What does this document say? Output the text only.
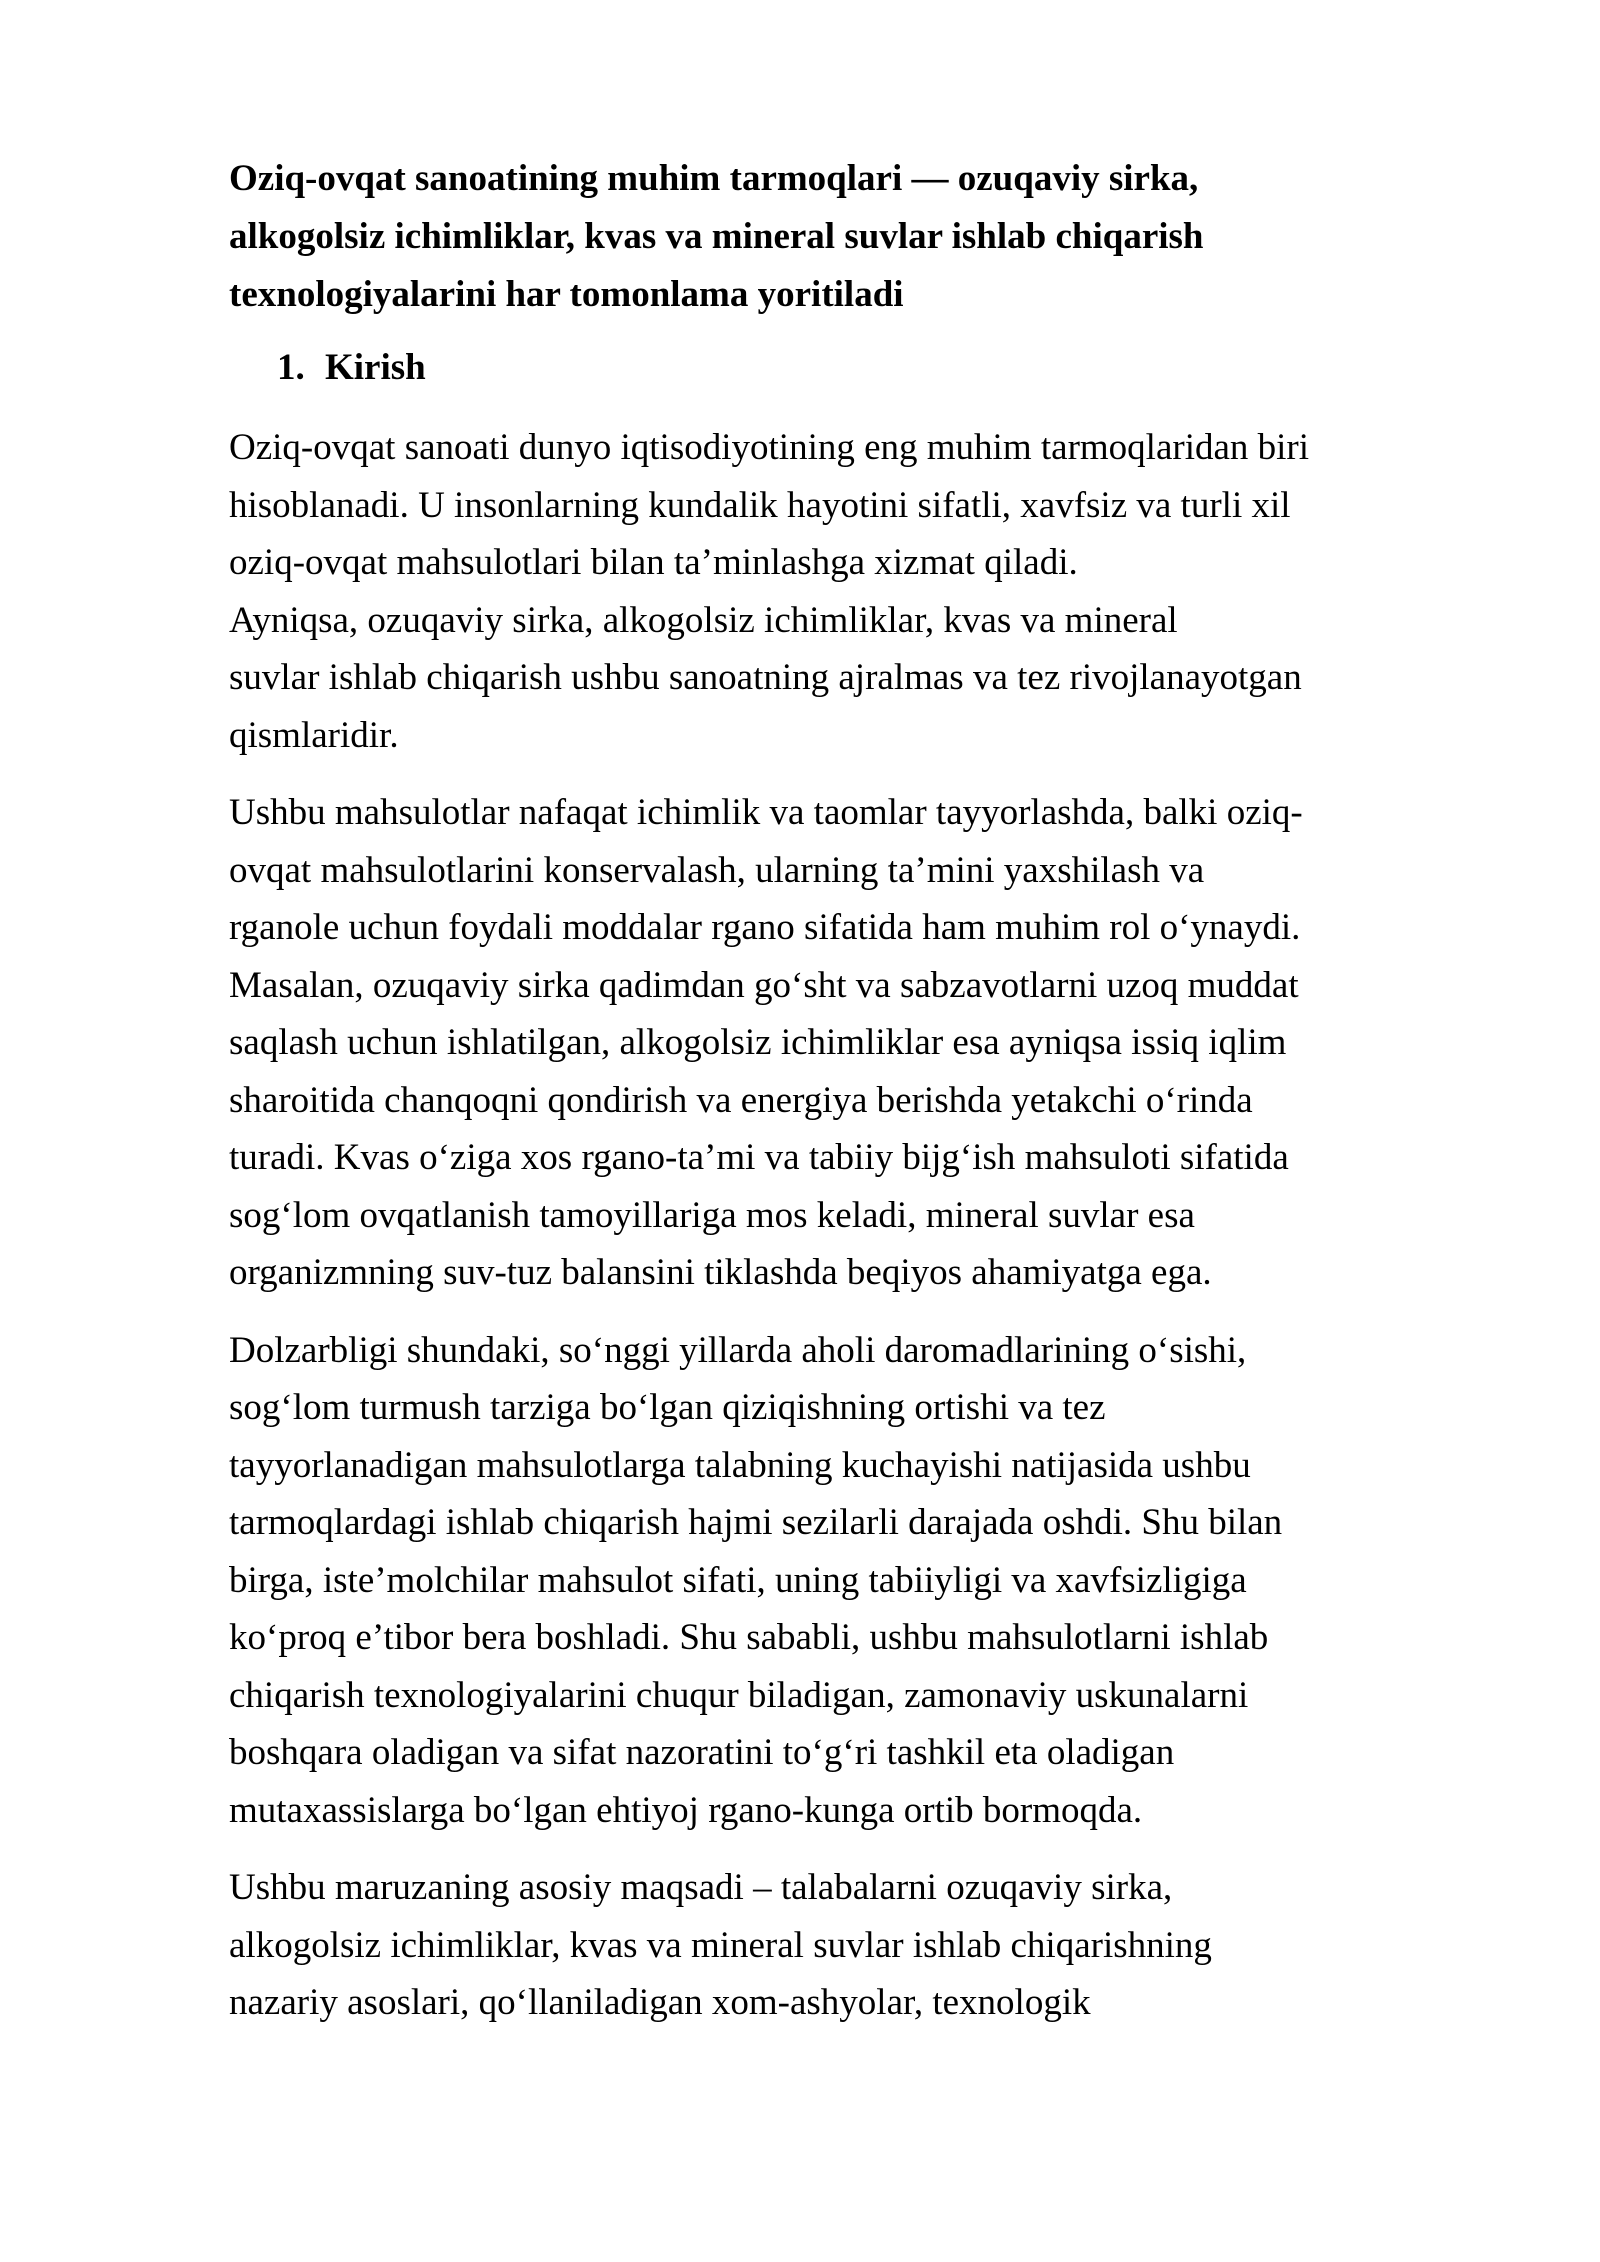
Oziq-ovqat sanoatining muhim tarmoqlari — ozuqaviy sirka,
alkogolsiz ichimliklar, kvas va mineral suvlar ishlab chiqarish
texnologiyalarini har tomonlama yoritiladi
1. Kirish

Oziq-ovqat sanoati dunyo iqtisodiyotining eng muhim tarmoqlaridan biri
hisoblanadi. U insonlarning kundalik hayotini sifatli, xavfsiz va turli xil
oziq-ovqat mahsulotlari bilan ta’minlashga xizmat qiladi.
Ayniqsa, ozuqaviy sirka, alkogolsiz ichimliklar, kvas va mineral
suvlar ishlab chiqarish ushbu sanoatning ajralmas va tez rivojlanayotgan
qismlaridir.

Ushbu mahsulotlar nafaqat ichimlik va taomlar tayyorlashda, balki oziq-
ovqat mahsulotlarini konservalash, ularning ta’mini yaxshilash va
rganole uchun foydali moddalar rgano sifatida ham muhim rol o‘ynaydi.
Masalan, ozuqaviy sirka qadimdan go‘sht va sabzavotlarni uzoq muddat
saqlash uchun ishlatilgan, alkogolsiz ichimliklar esa ayniqsa issiq iqlim
sharoitida chanqoqni qondirish va energiya berishda yetakchi o‘rinda
turadi. Kvas o‘ziga xos rgano-ta’mi va tabiiy bijg‘ish mahsuloti sifatida
sog‘lom ovqatlanish tamoyillariga mos keladi, mineral suvlar esa
organizmning suv-tuz balansini tiklashda beqiyos ahamiyatga ega.

Dolzarbligi shundaki, so‘nggi yillarda aholi daromadlarining o‘sishi,
sog‘lom turmush tarziga bo‘lgan qiziqishning ortishi va tez
tayyorlanadigan mahsulotlarga talabning kuchayishi natijasida ushbu
tarmoqlardagi ishlab chiqarish hajmi sezilarli darajada oshdi. Shu bilan
birga, iste’molchilar mahsulot sifati, uning tabiiyligi va xavfsizligiga
ko‘proq e’tibor bera boshladi. Shu sababli, ushbu mahsulotlarni ishlab
chiqarish texnologiyalarini chuqur biladigan, zamonaviy uskunalarni
boshqara oladigan va sifat nazoratini to‘g‘ri tashkil eta oladigan
mutaxassislarga bo‘lgan ehtiyoj rgano-kunga ortib bormoqda.

Ushbu maruzaning asosiy maqsadi – talabalarni ozuqaviy sirka,
alkogolsiz ichimliklar, kvas va mineral suvlar ishlab chiqarishning
nazariy asoslari, qo‘llaniladigan xom-ashyolar, texnologik
